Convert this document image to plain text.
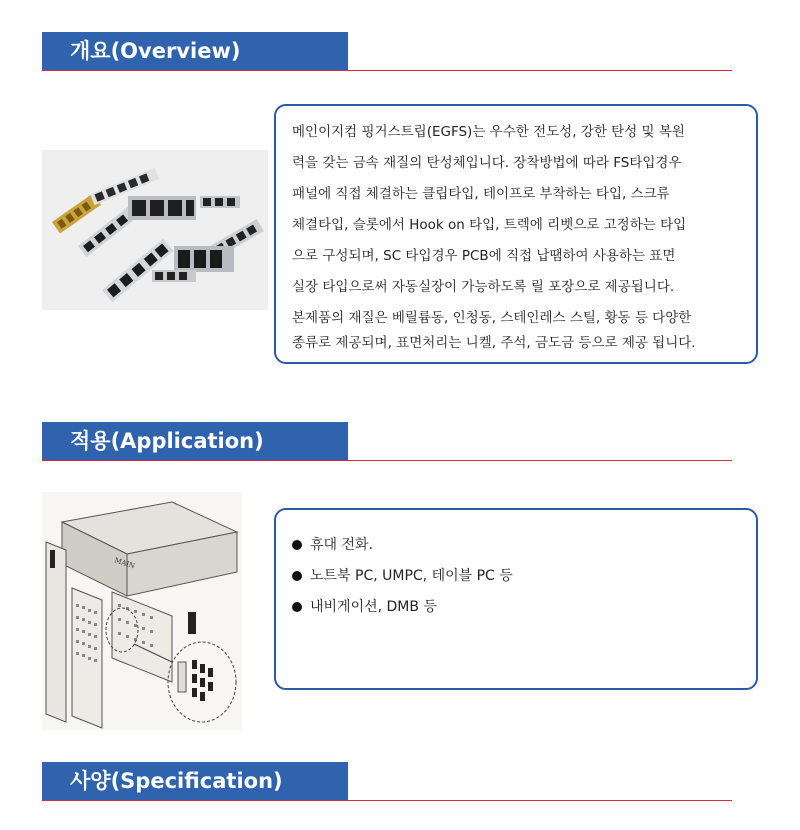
개요(Overview)
메인이지컴 핑거스트립(EGFS)는 우수한 전도성, 강한 탄성 및 복원
력을 갖는 금속 재질의 탄성체입니다. 장착방법에 따라 FS타입경우
패널에 직접 체결하는 클립타입, 테이프로 부착하는 타입, 스크류
체결타입, 슬롯에서 Hook on 타입, 트렉에 리벳으로 고정하는 타입
으로 구성되며, SC 타입경우 PCB에 직접 납땜하여 사용하는 표면
실장 타입으로써 자동실장이 가능하도록 릴 포장으로 제공됩니다.
본제품의 재질은 베릴륨동, 인청동, 스테인레스 스틸, 황동 등 다양한
종류로 제공되며, 표면처리는 니켈, 주석, 금도금 등으로 제공 됩니다.
적용(Application)
MAIN
휴대 전화.
노트북 PC, UMPC, 테이블 PC 등
내비게이션, DMB 등
사양(Specification)
